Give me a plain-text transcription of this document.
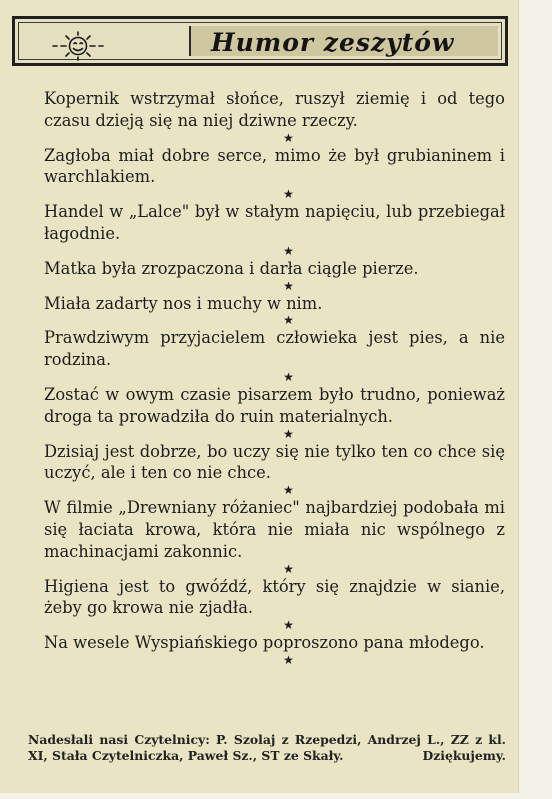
Humor zeszytów

Kopernik wstrzymał słońce, ruszył ziemię i od tego czasu dzieją się na niej dziwne rzeczy.

★

Zagłoba miał dobre serce, mimo że był grubianinem i warchlakiem.

★

Handel w „Lalce" był w stałym napięciu, lub przebiegał łagodnie.

★

Matka była zrozpaczona i darła ciągle pierze.

★

Miała zadarty nos i muchy w nim.

★

Prawdziwym przyjacielem człowieka jest pies, a nie rodzina.

★

Zostać w owym czasie pisarzem było trudno, ponieważ droga ta prowadziła do ruin materialnych.

★

Dzisiaj jest dobrze, bo uczy się nie tylko ten co chce się uczyć, ale i ten co nie chce.

★

W filmie „Drewniany różaniec" najbardziej podobała mi się łaciata krowa, która nie miała nic wspólnego z machinacjami zakonnic.

★

Higiena jest to gwóźdź, który się znajdzie w sianie, żeby go krowa nie zjadła.

★

Na wesele Wyspiańskiego poproszono pana młodego.

★
Nadesłali nasi Czytelnicy: P. Szolaj z Rzepedzi, Andrzej L., ZZ z kl. XI, Stała Czytelniczka, Paweł Sz., ST ze Skały.	Dziękujemy.
